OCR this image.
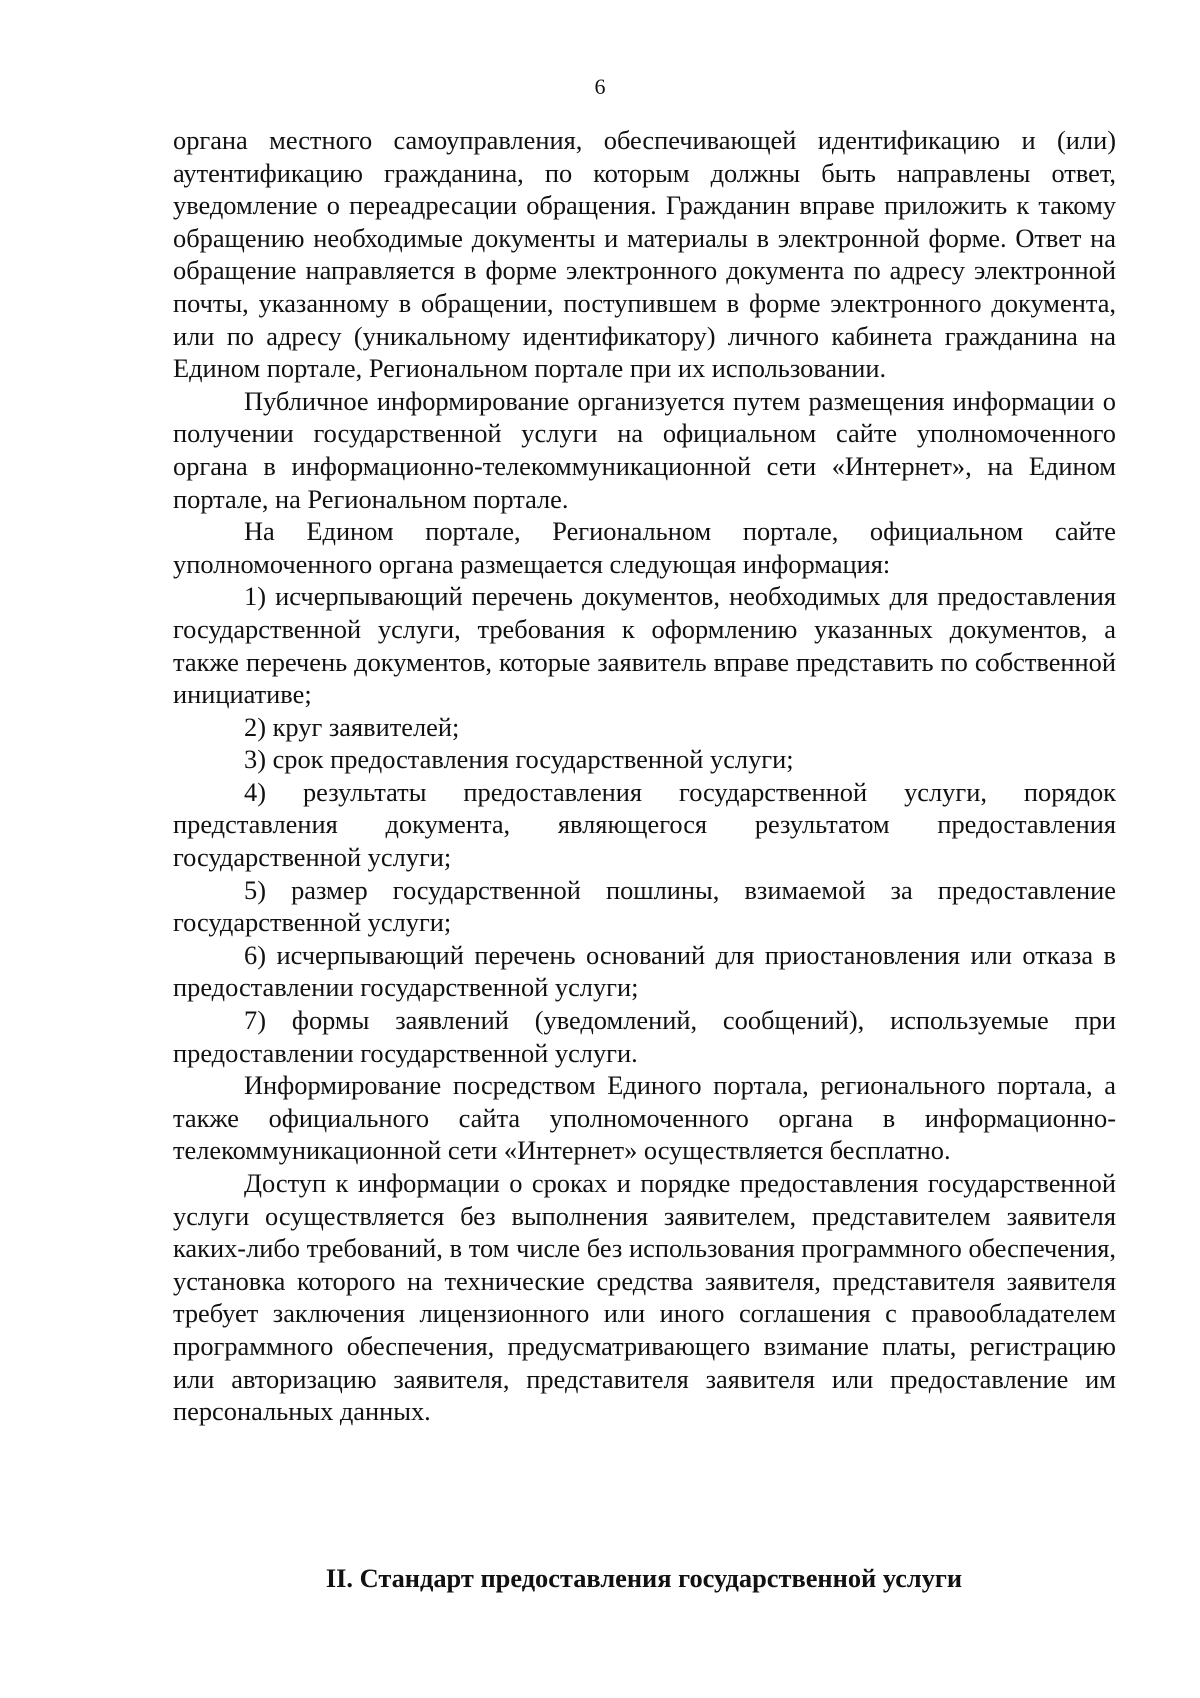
6

органа местного самоуправления, обеспечивающей идентификацию и (или) аутентификацию гражданина, по которым должны быть направлены ответ, уведомление о переадресации обращения. Гражданин вправе приложить к такому обращению необходимые документы и материалы в электронной форме. Ответ на обращение направляется в форме электронного документа по адресу электронной почты, указанному в обращении, поступившем в форме электронного документа, или по адресу (уникальному идентификатору) личного кабинета гражданина на Едином портале, Региональном портале при их использовании.

Публичное информирование организуется путем размещения информации о получении государственной услуги на официальном сайте уполномоченного органа в информационно-телекоммуникационной сети «Интернет», на Едином портале, на Региональном портале.

На Едином портале, Региональном портале, официальном сайте уполномоченного органа размещается следующая информация:

1) исчерпывающий перечень документов, необходимых для предоставления государственной услуги, требования к оформлению указанных документов, а также перечень документов, которые заявитель вправе представить по собственной инициативе;

2) круг заявителей;

3) срок предоставления государственной услуги;

4) результаты предоставления государственной услуги, порядок представления документа, являющегося результатом предоставления государственной услуги;

5) размер государственной пошлины, взимаемой за предоставление государственной услуги;

6) исчерпывающий перечень оснований для приостановления или отказа в предоставлении государственной услуги;

7) формы заявлений (уведомлений, сообщений), используемые при предоставлении государственной услуги.

Информирование посредством Единого портала, регионального портала, а также официального сайта уполномоченного органа в информационно-телекоммуникационной сети «Интернет» осуществляется бесплатно.

Доступ к информации о сроках и порядке предоставления государственной услуги осуществляется без выполнения заявителем, представителем заявителя каких-либо требований, в том числе без использования программного обеспечения, установка которого на технические средства заявителя, представителя заявителя требует заключения лицензионного или иного соглашения с правообладателем программного обеспечения, предусматривающего взимание платы, регистрацию или авторизацию заявителя, представителя заявителя или предоставление им персональных данных.

II. Стандарт предоставления государственной услуги
